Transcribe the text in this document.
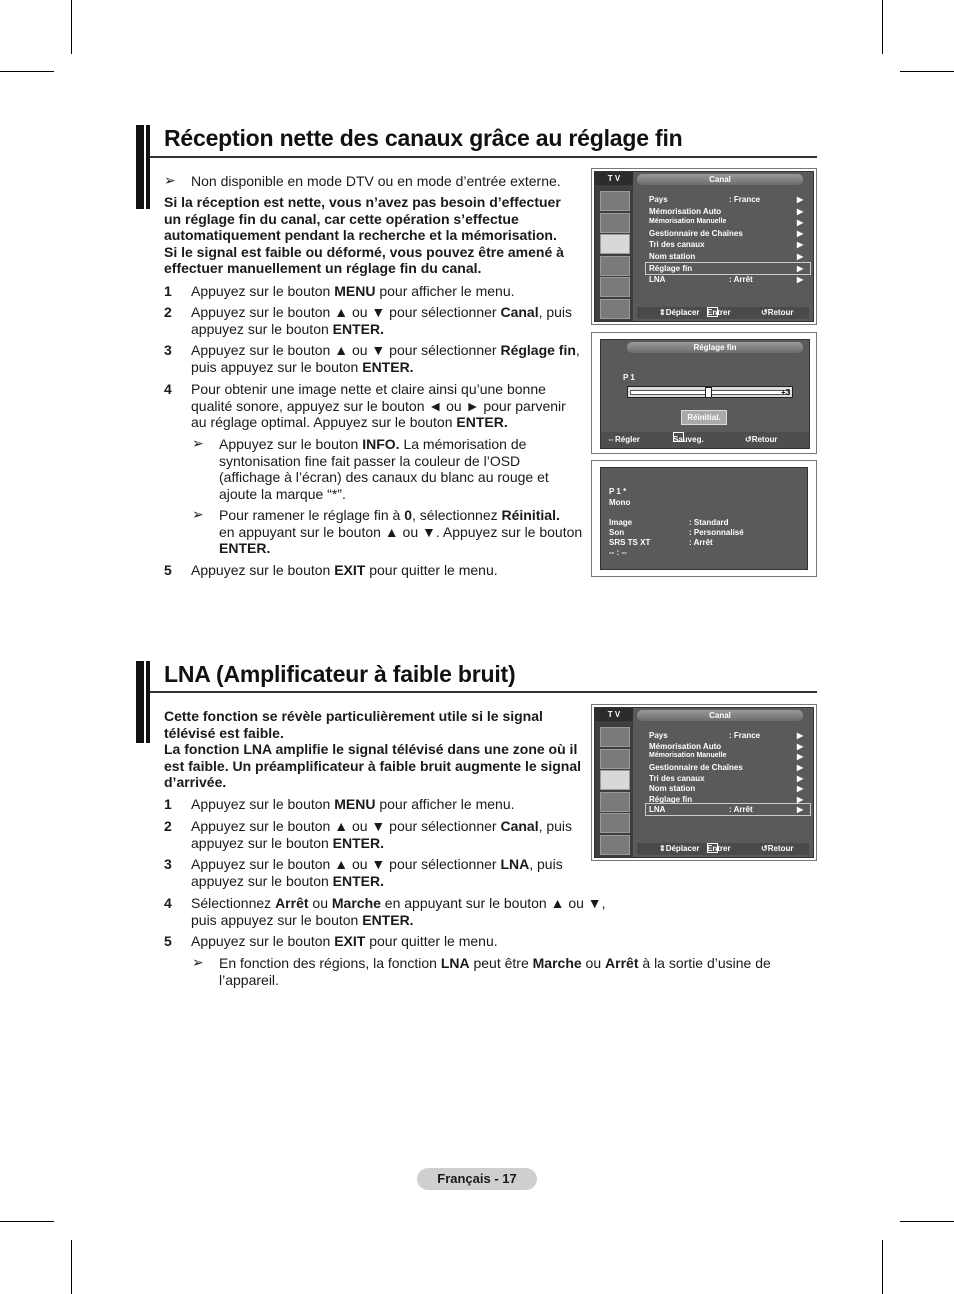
Réception nette des canaux grâce au réglage fin
➢ Non disponible en mode DTV ou en mode d’entrée externe.
Si la réception est nette, vous n’avez pas besoin d’effectuer
un réglage fin du canal, car cette opération s’effectue
automatiquement pendant la recherche et la mémorisation.
Si le signal est faible ou déformé, vous pouvez être amené à
effectuer manuellement un réglage fin du canal.
1 Appuyez sur le bouton MENU pour afficher le menu.
2 Appuyez sur le bouton ▲ ou ▼ pour sélectionner Canal, puis
appuyez sur le bouton ENTER.
3 Appuyez sur le bouton ▲ ou ▼ pour sélectionner Réglage fin,
puis appuyez sur le bouton ENTER.
4 Pour obtenir une image nette et claire ainsi qu’une bonne
qualité sonore, appuyez sur le bouton ◄ ou ► pour parvenir
au réglage optimal. Appuyez sur le bouton ENTER.
➢ Appuyez sur le bouton INFO. La mémorisation de
syntonisation fine fait passer la couleur de l’OSD
(affichage à l’écran) des canaux du blanc au rouge et
ajoute la marque “*”.
➢ Pour ramener le réglage fin à 0, sélectionnez Réinitial.
en appuyant sur le bouton ▲ ou ▼. Appuyez sur le bouton
ENTER.
5 Appuyez sur le bouton EXIT pour quitter le menu.
T V	Canal
Pays	: France	▶
Mémorisation Auto	▶
Mémorisation Manuelle	▶
Gestionnaire de Chaînes	▶
Tri des canaux	▶
Nom station	▶
Réglage fin	▶
LNA	: Arrêt	▶
⇕ Déplacer Entrer	↺ Retour
Réglage fin
P 1
+3
Réinitial.
⇔ Régler	Sauveg.	↺ Retour
P 1 *
Mono
Image	: Standard
Son	: Personnalisé
SRS TS XT	: Arrêt
-- : --
LNA (Amplificateur à faible bruit)
Cette fonction se révèle particulièrement utile si le signal
télévisé est faible.
La fonction LNA amplifie le signal télévisé dans une zone où il
est faible. Un préamplificateur à faible bruit augmente le signal
d’arrivée.
1 Appuyez sur le bouton MENU pour afficher le menu.
2 Appuyez sur le bouton ▲ ou ▼ pour sélectionner Canal, puis
appuyez sur le bouton ENTER.
3 Appuyez sur le bouton ▲ ou ▼ pour sélectionner LNA, puis
appuyez sur le bouton ENTER.
4 Sélectionnez Arrêt ou Marche en appuyant sur le bouton ▲ ou ▼,
puis appuyez sur le bouton ENTER.
5 Appuyez sur le bouton EXIT pour quitter le menu.
➢ En fonction des régions, la fonction LNA peut être Marche ou Arrêt à la sortie d’usine de
l’appareil.
T V	Canal
Pays	: France	▶
Mémorisation Auto	▶
Mémorisation Manuelle	▶
Gestionnaire de Chaînes	▶
Tri des canaux	▶
Nom station	▶
Réglage fin	▶
LNA	: Arrêt	▶
⇕ Déplacer Entrer	↺ Retour
Français - 17
